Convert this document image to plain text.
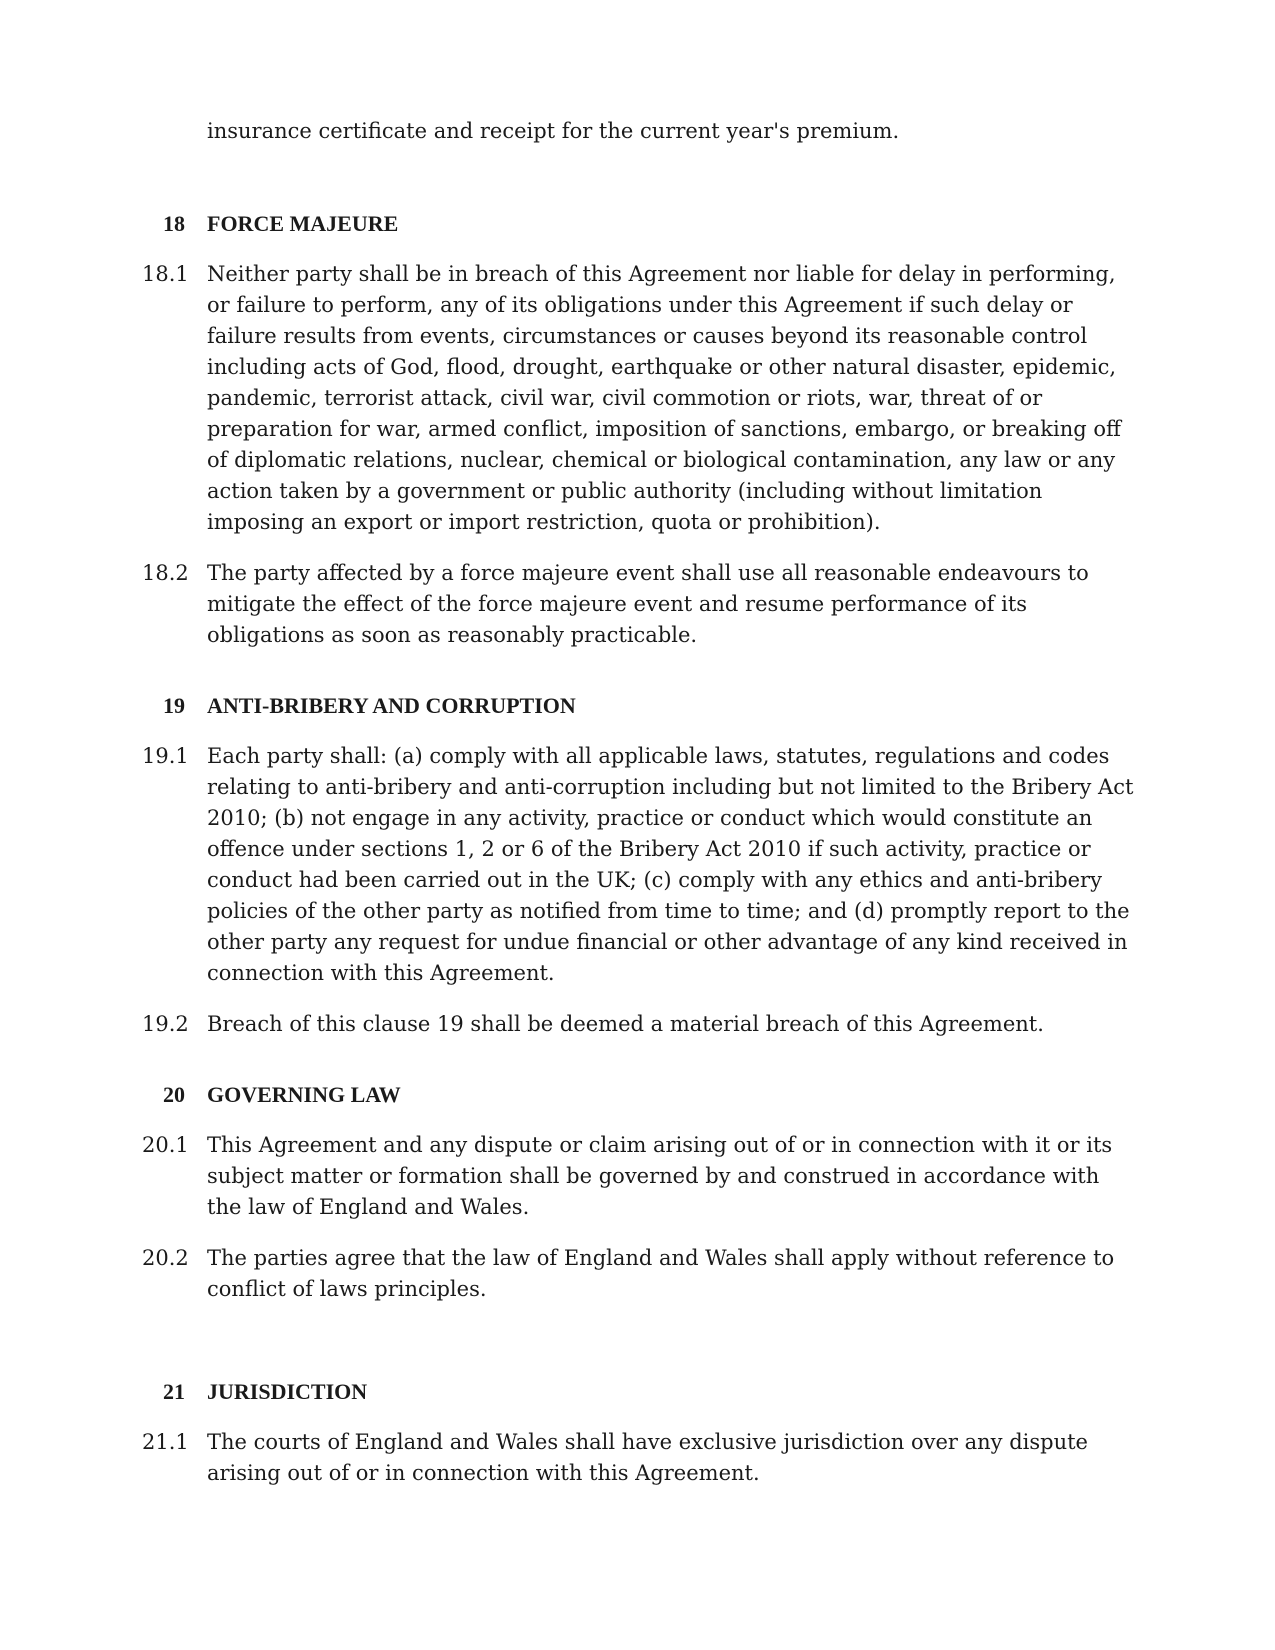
insurance certificate and receipt for the current year's premium.
18 FORCE MAJEURE
18.1 Neither party shall be in breach of this Agreement nor liable for delay in performing, or failure to perform, any of its obligations under this Agreement if such delay or failure results from events, circumstances or causes beyond its reasonable control including acts of God, flood, drought, earthquake or other natural disaster, epidemic, pandemic, terrorist attack, civil war, civil commotion or riots, war, threat of or preparation for war, armed conflict, imposition of sanctions, embargo, or breaking off of diplomatic relations, nuclear, chemical or biological contamination, any law or any action taken by a government or public authority (including without limitation imposing an export or import restriction, quota or prohibition).
18.2 The party affected by a force majeure event shall use all reasonable endeavours to mitigate the effect of the force majeure event and resume performance of its obligations as soon as reasonably practicable.
19 ANTI-BRIBERY AND CORRUPTION
19.1 Each party shall: (a) comply with all applicable laws, statutes, regulations and codes relating to anti-bribery and anti-corruption including but not limited to the Bribery Act 2010; (b) not engage in any activity, practice or conduct which would constitute an offence under sections 1, 2 or 6 of the Bribery Act 2010 if such activity, practice or conduct had been carried out in the UK; (c) comply with any ethics and anti-bribery policies of the other party as notified from time to time; and (d) promptly report to the other party any request for undue financial or other advantage of any kind received in connection with this Agreement.
19.2 Breach of this clause 19 shall be deemed a material breach of this Agreement.
20 GOVERNING LAW
20.1 This Agreement and any dispute or claim arising out of or in connection with it or its subject matter or formation shall be governed by and construed in accordance with the law of England and Wales.
20.2 The parties agree that the law of England and Wales shall apply without reference to conflict of laws principles.
21 JURISDICTION
21.1 The courts of England and Wales shall have exclusive jurisdiction over any dispute arising out of or in connection with this Agreement.
